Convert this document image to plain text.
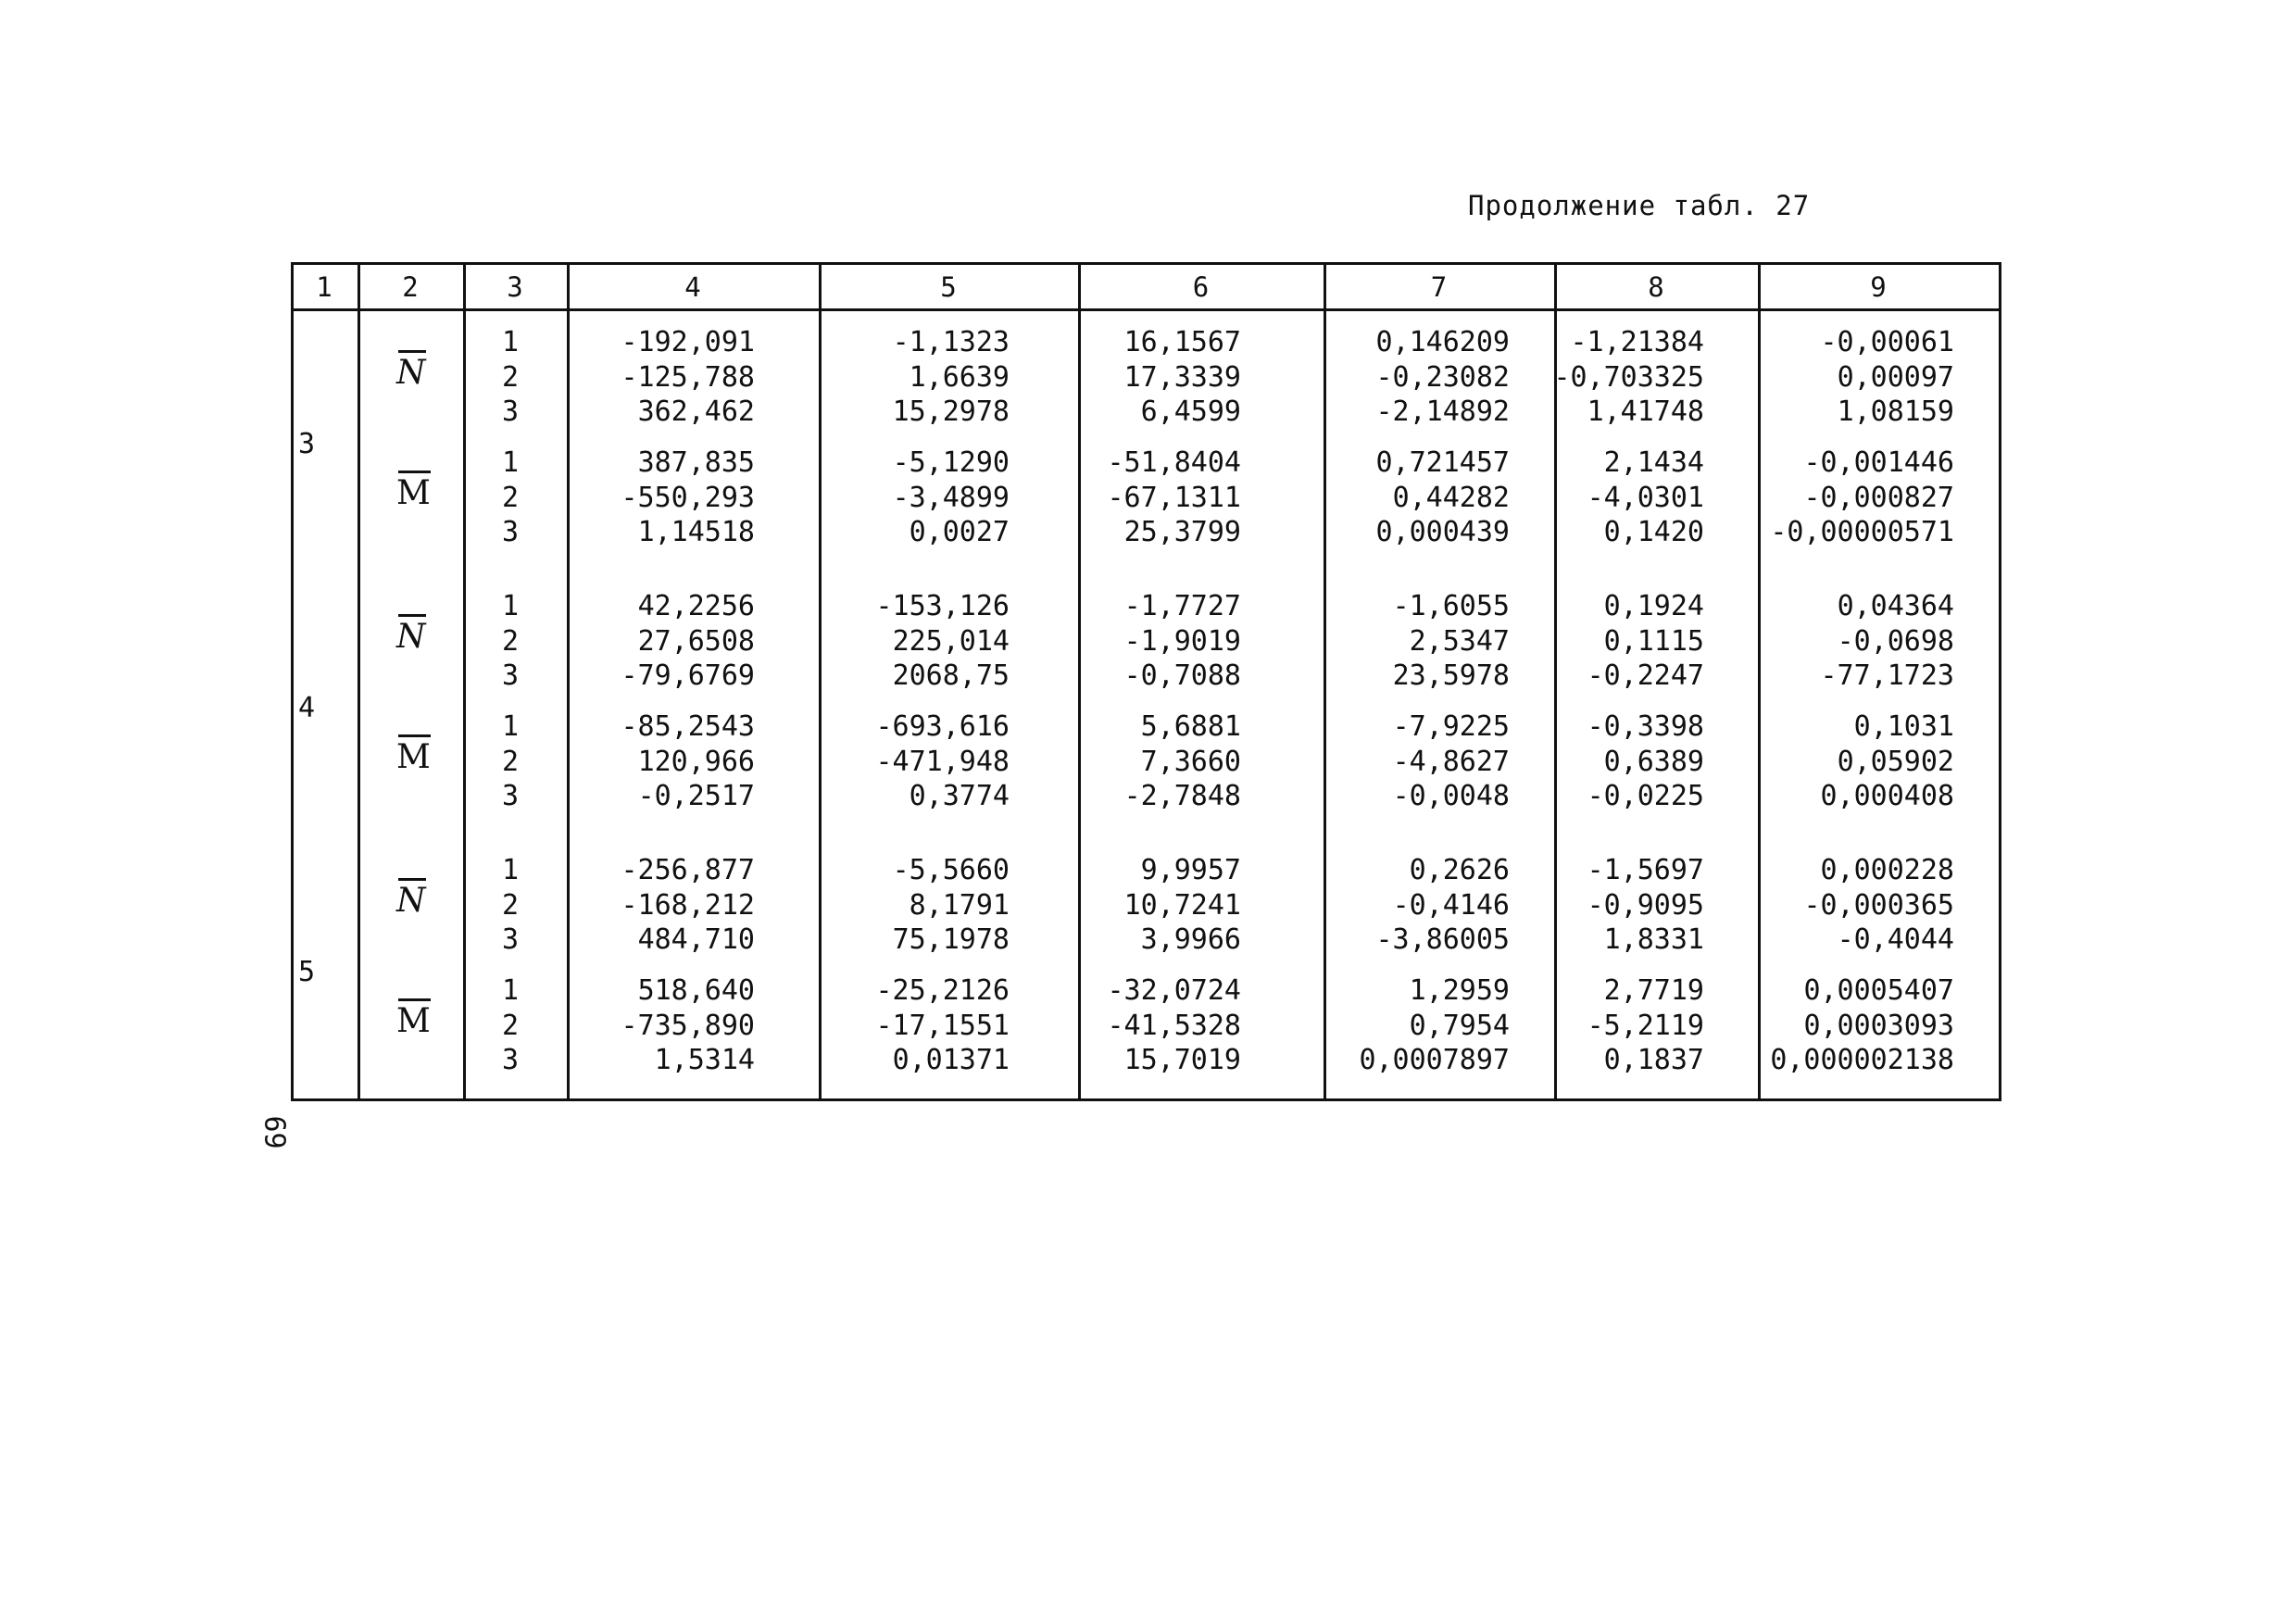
Продолжение табл. 27
1	2	3	4	5	6	7	8	9
3
N
1	-192,091	-1,1323	16,1567	0,146209	-1,21384	-0,00061
2	-125,788	1,6639	17,3339	-0,23082	-0,703325	0,00097
3	362,462	15,2978	6,4599	-2,14892	1,41748	1,08159
M
1	387,835	-5,1290	-51,8404	0,721457	2,1434	-0,001446
2	-550,293	-3,4899	-67,1311	0,44282	-4,0301	-0,000827
3	1,14518	0,0027	25,3799	0,000439	0,1420	-0,00000571
4
N
1	42,2256	-153,126	-1,7727	-1,6055	0,1924	0,04364
2	27,6508	225,014	-1,9019	2,5347	0,1115	-0,0698
3	-79,6769	2068,75	-0,7088	23,5978	-0,2247	-77,1723
M
1	-85,2543	-693,616	5,6881	-7,9225	-0,3398	0,1031
2	120,966	-471,948	7,3660	-4,8627	0,6389	0,05902
3	-0,2517	0,3774	-2,7848	-0,0048	-0,0225	0,000408
5
N
1	-256,877	-5,5660	9,9957	0,2626	-1,5697	0,000228
2	-168,212	8,1791	10,7241	-0,4146	-0,9095	-0,000365
3	484,710	75,1978	3,9966	-3,86005	1,8331	-0,4044
M
1	518,640	-25,2126	-32,0724	1,2959	2,7719	0,0005407
2	-735,890	-17,1551	-41,5328	0,7954	-5,2119	0,0003093
3	1,5314	0,01371	15,7019	0,0007897	0,1837	0,000002138
69
